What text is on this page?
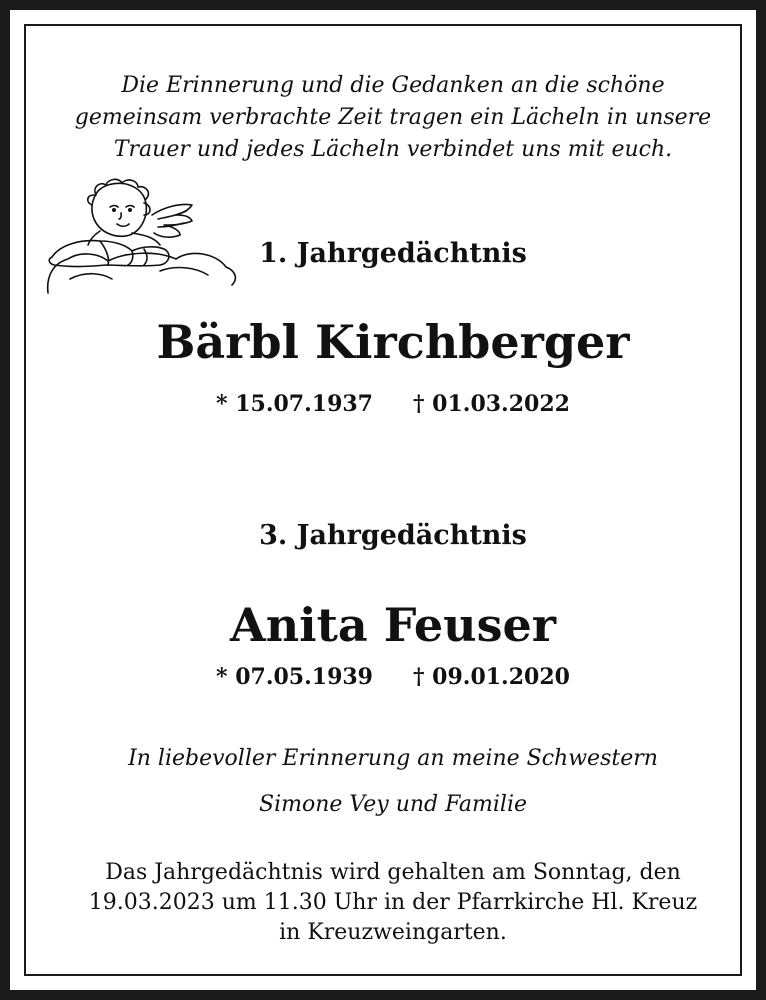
Die Erinnerung und die Gedanken an die schöne
gemeinsam verbrachte Zeit tragen ein Lächeln in unsere
Trauer und jedes Lächeln verbindet uns mit euch.
1. Jahrgedächtnis
Bärbl Kirchberger
* 15.07.1937 † 01.03.2022
3. Jahrgedächtnis
Anita Feuser
* 07.05.1939 † 09.01.2020
In liebevoller Erinnerung an meine Schwestern
Simone Vey und Familie
Das Jahrgedächtnis wird gehalten am Sonntag, den
19.03.2023 um 11.30 Uhr in der Pfarrkirche Hl. Kreuz
in Kreuzweingarten.
